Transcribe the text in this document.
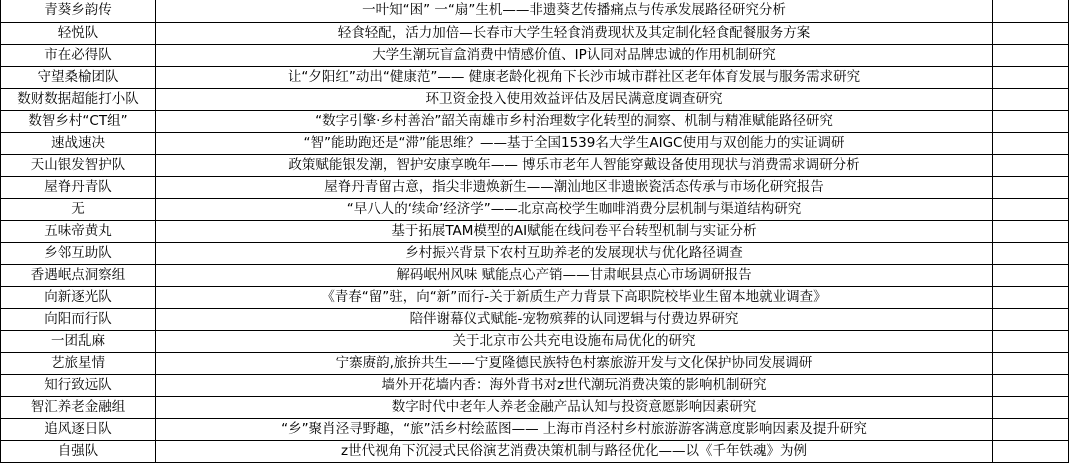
青葵乡韵传	一叶知“困” 一“扇”生机——非遗葵艺传播痛点与传承发展路径研究分析	
轻悦队	轻食轻配，活力加倍—长春市大学生轻食消费现状及其定制化轻食配餐服务方案	
市在必得队	大学生潮玩盲盒消费中情感价值、IP认同对品牌忠诚的作用机制研究	
守望桑榆团队	让“夕阳红”动出“健康范”—— 健康老龄化视角下长沙市城市群社区老年体育发展与服务需求研究	
数财数据超能打小队	环卫资金投入使用效益评估及居民满意度调查研究	
数智乡村“CT组”	“数字引擎·乡村善治”韶关南雄市乡村治理数字化转型的洞察、机制与精准赋能路径研究	
速战速决	“智”能助跑还是“滞”能思维？——基于全国1539名大学生AIGC使用与双创能力的实证调研	
天山银发智护队	政策赋能银发潮，智护安康享晚年—— 博乐市老年人智能穿戴设备使用现状与消费需求调研分析	
屋脊丹青队	屋脊丹青留古意，指尖非遗焕新生——潮汕地区非遗嵌瓷活态传承与市场化研究报告	
无	“早八人的‘续命’经济学”——北京高校学生咖啡消费分层机制与渠道结构研究	
五味帝黄丸	基于拓展TAM模型的AI赋能在线问卷平台转型机制与实证分析	
乡邻互助队	乡村振兴背景下农村互助养老的发展现状与优化路径调查	
香遇岷点洞察组	解码岷州风味 赋能点心产销——甘肃岷县点心市场调研报告	
向新逐光队	《青春“留”驻，向“新”而行-关于新质生产力背景下高职院校毕业生留本地就业调查》	
向阳而行队	陪伴谢幕仪式赋能-宠物殡葬的认同逻辑与付费边界研究	
一团乱麻	关于北京市公共充电设施布局优化的研究	
艺旅星情	宁寨赓韵,旅拚共生——宁夏隆德民族特色村寨旅游开发与文化保护协同发展调研	
知行致远队	墙外开花墙内香：海外背书对z世代潮玩消费决策的影响机制研究	
智汇养老金融组	数字时代中老年人养老金融产品认知与投资意愿影响因素研究	
追风逐日队	“乡”聚肖泾寻野趣，“旅”活乡村绘蓝图—— 上海市肖泾村乡村旅游游客满意度影响因素及提升研究	
自强队	z世代视角下沉浸式民俗演艺消费决策机制与路径优化——以《千年铁魂》为例	
